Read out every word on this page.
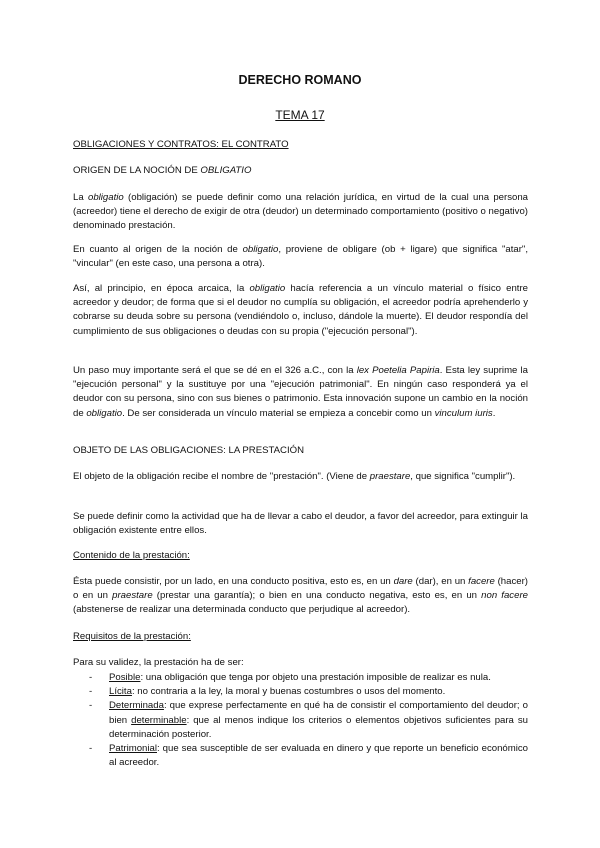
DERECHO ROMANO
TEMA 17
OBLIGACIONES Y CONTRATOS: EL CONTRATO
ORIGEN DE LA NOCIÓN DE OBLIGATIO
La obligatio (obligación) se puede definir como una relación jurídica, en virtud de la cual una persona (acreedor) tiene el derecho de exigir de otra (deudor) un determinado comportamiento (positivo o negativo) denominado prestación.
En cuanto al origen de la noción de obligatio, proviene de obligare (ob + ligare) que significa "atar", "vincular" (en este caso, una persona a otra).
Así, al principio, en época arcaica, la obligatio hacía referencia a un vínculo material o físico entre acreedor y deudor; de forma que si el deudor no cumplía su obligación, el acreedor podría aprehenderlo y cobrarse su deuda sobre su persona (vendiéndolo o, incluso, dándole la muerte). El deudor respondía del cumplimiento de sus obligaciones o deudas con su propia ("ejecución personal").
Un paso muy importante será el que se dé en el 326 a.C., con la lex Poetelia Papiria. Esta ley suprime la "ejecución personal" y la sustituye por una "ejecución patrimonial". En ningún caso responderá ya el deudor con su persona, sino con sus bienes o patrimonio. Esta innovación supone un cambio en la noción de obligatio. De ser considerada un vínculo material se empieza a concebir como un vinculum iuris.
OBJETO DE LAS OBLIGACIONES: LA PRESTACIÓN
El objeto de la obligación recibe el nombre de "prestación". (Viene de praestare, que significa "cumplir").
Se puede definir como la actividad que ha de llevar a cabo el deudor, a favor del acreedor, para extinguir la obligación existente entre ellos.
Contenido de la prestación:
Ésta puede consistir, por un lado, en una conducto positiva, esto es, en un dare (dar), en un facere (hacer) o en un praestare (prestar una garantía); o bien en una conducto negativa, esto es, en un non facere (abstenerse de realizar una determinada conducto que perjudique al acreedor).
Requisitos de la prestación:
Para su validez, la prestación ha de ser:
- Posible: una obligación que tenga por objeto una prestación imposible de realizar es nula.
- Lícita: no contraria a la ley, la moral y buenas costumbres o usos del momento.
- Determinada: que exprese perfectamente en qué ha de consistir el comportamiento del deudor; o bien determinable: que al menos indique los criterios o elementos objetivos suficientes para su determinación posterior.
- Patrimonial: que sea susceptible de ser evaluada en dinero y que reporte un beneficio económico al acreedor.
